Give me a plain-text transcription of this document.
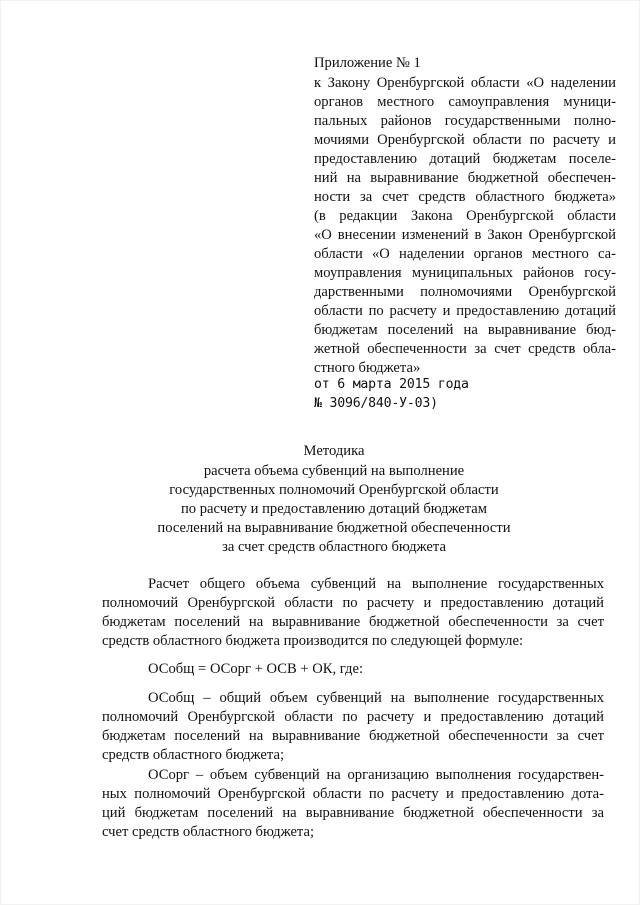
Приложение № 1
к Закону Оренбургской области «О наделении
органов местного самоуправления муници-
пальных районов государственными полно-
мочиями Оренбургской области по расчету и
предоставлению дотаций бюджетам поселе-
ний на выравнивание бюджетной обеспечен-
ности за счет средств областного бюджета»
(в редакции Закона Оренбургской области
«О внесении изменений в Закон Оренбургской
области «О наделении органов местного са-
моуправления муниципальных районов госу-
дарственными полномочиями Оренбургской
области по расчету и предоставлению дотаций
бюджетам поселений на выравнивание бюд-
жетной обеспеченности за счет средств обла-
стного бюджета»
от 6 марта 2015 года
№ 3096/840-У-03)
Методика
расчета объема субвенций на выполнение
государственных полномочий Оренбургской области
по расчету и предоставлению дотаций бюджетам
поселений на выравнивание бюджетной обеспеченности
за счет средств областного бюджета
Расчет общего объема субвенций на выполнение государственных
полномочий Оренбургской области по расчету и предоставлению дотаций
бюджетам поселений на выравнивание бюджетной обеспеченности за счет
средств областного бюджета производится по следующей формуле:
ОСобщ = ОСорг + ОСВ + ОК, где:
ОСобщ – общий объем субвенций на выполнение государственных
полномочий Оренбургской области по расчету и предоставлению дотаций
бюджетам поселений на выравнивание бюджетной обеспеченности за счет
средств областного бюджета;
ОСорг – объем субвенций на организацию выполнения государствен-
ных полномочий Оренбургской области по расчету и предоставлению дота-
ций бюджетам поселений на выравнивание бюджетной обеспеченности за
счет средств областного бюджета;
